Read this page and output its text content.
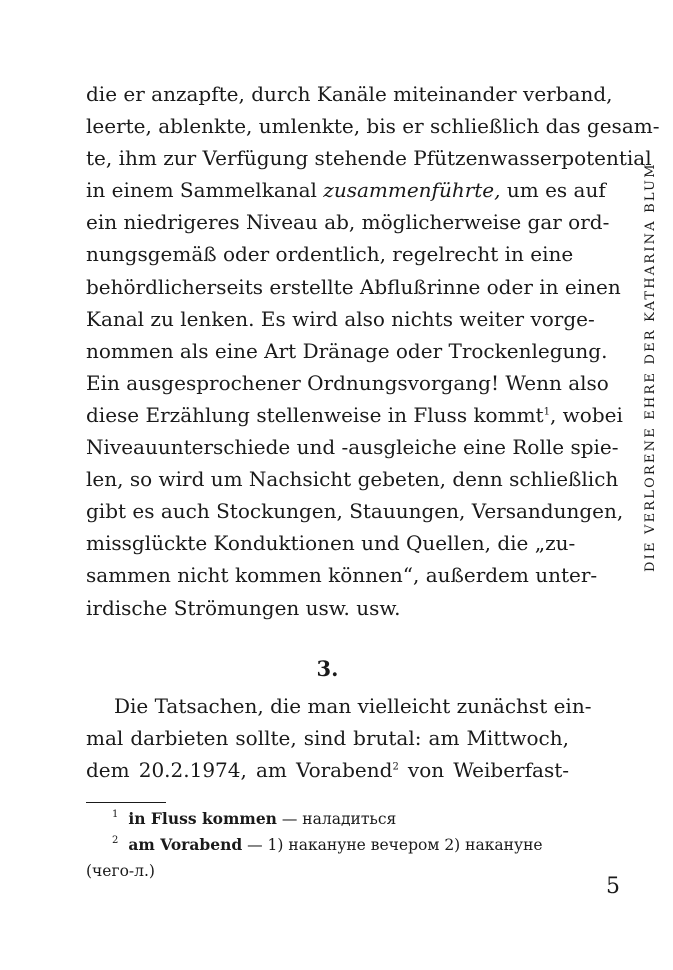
DIE VERLORENE EHRE DER KATHARINA BLUM
die er anzapfte, durch Kanäle miteinander verband,
leerte, ablenkte, umlenkte, bis er schließlich das gesam-
te, ihm zur Verfügung stehende Pfützenwasserpotential
in einem Sammelkanal zusammenführte, um es auf
ein niedrigeres Niveau ab, möglicherweise gar ord-
nungsgemäß oder ordentlich, regelrecht in eine
behördlicherseits erstellte Abflußrinne oder in einen
Kanal zu lenken. Es wird also nichts weiter vorge-
nommen als eine Art Dränage oder Trockenlegung.
Ein ausgesprochener Ordnungsvorgang! Wenn also
diese Erzählung stellenweise in Fluss kommt$^1$, wobei
Niveauunterschiede und -ausgleiche eine Rolle spie-
len, so wird um Nachsicht gebeten, denn schließlich
gibt es auch Stockungen, Stauungen, Versandungen,
missglückte Konduktionen und Quellen, die „zu-
sammen nicht kommen können“, außerdem unter-
irdische Strömungen usw. usw.
3.
Die Tatsachen, die man vielleicht zunächst ein-
mal darbieten sollte, sind brutal: am Mittwoch,
dem 20.2.1974, am Vorabend$^2$ von Weiberfast-
1 in Fluss kommen — наладиться
2 am Vorabend — 1) накануне вечером 2) накануне
(чего-л.)
5
